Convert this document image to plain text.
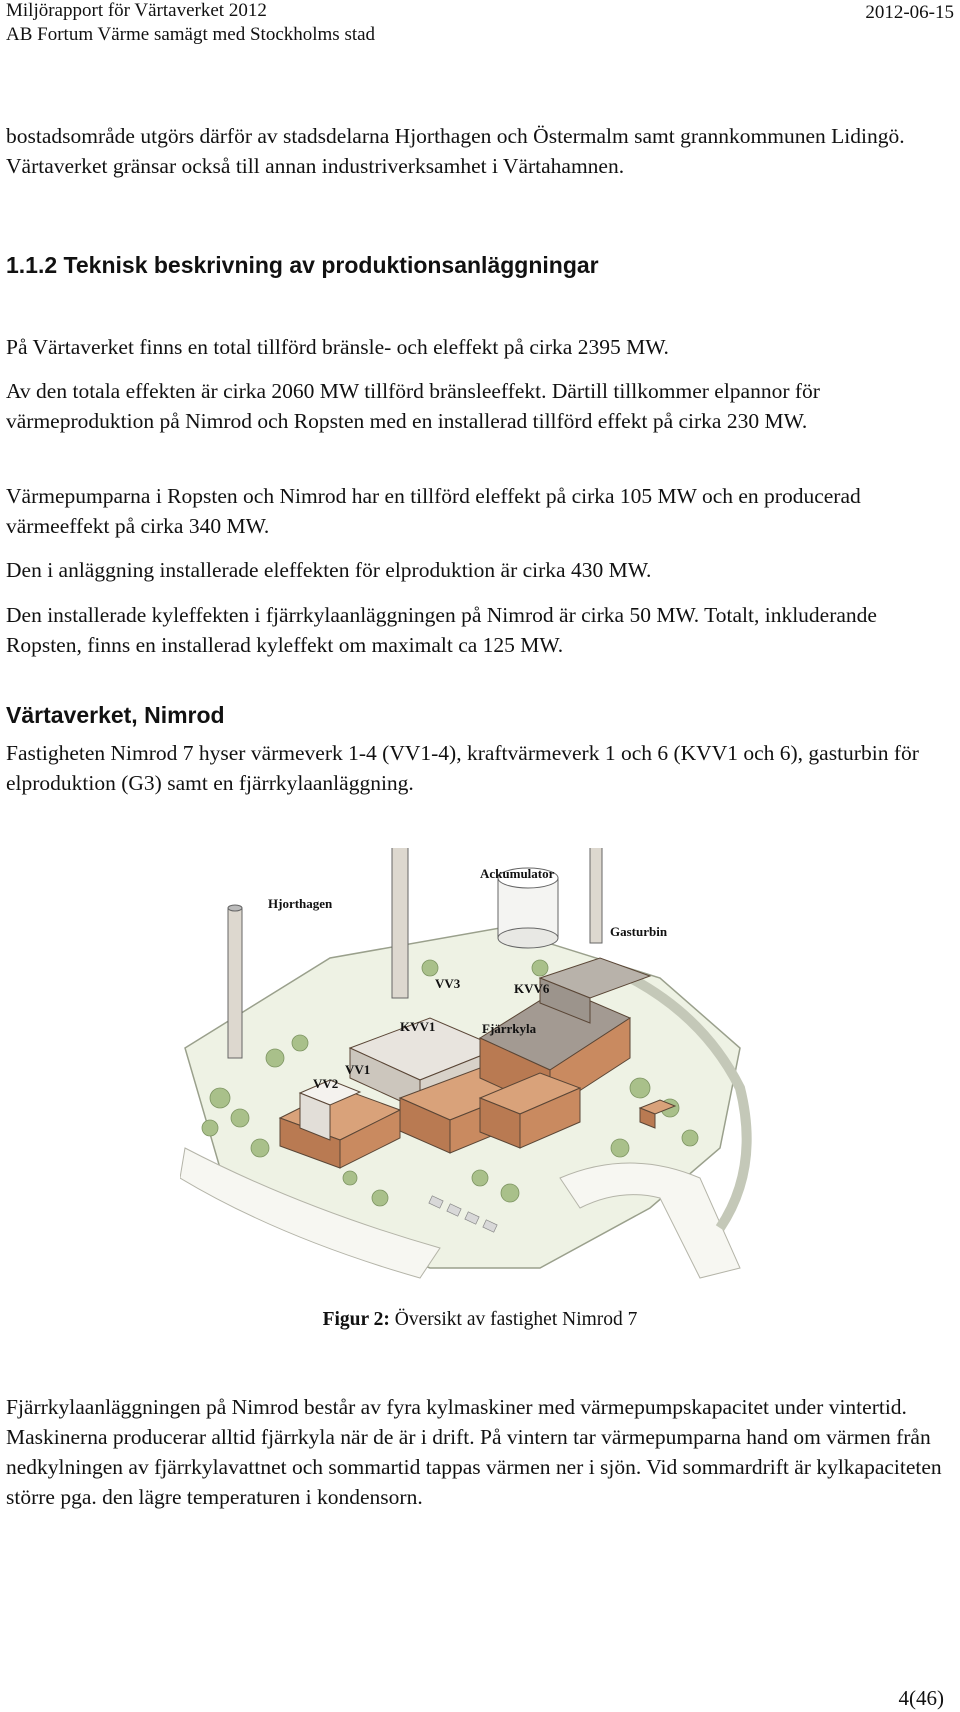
Miljörapport för Värtaverket 2012
AB Fortum Värme samägt med Stockholms stad
2012-06-15

bostadsområde utgörs därför av stadsdelarna Hjorthagen och Östermalm samt grannkommunen Lidingö. Värtaverket gränsar också till annan industriverksamhet i Värtahamnen.

1.1.2 Teknisk beskrivning av produktionsanläggningar

På Värtaverket finns en total tillförd bränsle- och eleffekt på cirka 2395 MW.

Av den totala effekten är cirka 2060 MW tillförd bränsleeffekt. Därtill tillkommer elpannor för värmeproduktion på Nimrod och Ropsten med en installerad tillförd effekt på cirka 230 MW.

Värmepumparna i Ropsten och Nimrod har en tillförd eleffekt på cirka 105 MW och en producerad värmeeffekt på cirka 340 MW.

Den i anläggning installerade eleffekten för elproduktion är cirka 430 MW.

Den installerade kyleffekten i fjärrkylaanläggningen på Nimrod är cirka 50 MW. Totalt, inkluderande Ropsten, finns en installerad kyleffekt om maximalt ca 125 MW.

Värtaverket, Nimrod

Fastigheten Nimrod 7 hyser värmeverk 1-4 (VV1-4), kraftvärmeverk 1 och 6 (KVV1 och 6), gasturbin för elproduktion (G3) samt en fjärrkylaanläggning.

Hjorthagen
Ackumulator
Gasturbin
VV3	KVV6
KVV1	Fjärrkyla
VV1
VV2
Figur 2: Översikt av fastighet Nimrod 7

Fjärrkylaanläggningen på Nimrod består av fyra kylmaskiner med värmepumpskapacitet under vintertid. Maskinerna producerar alltid fjärrkyla när de är i drift. På vintern tar värmepumparna hand om värmen från nedkylningen av fjärrkylavattnet och sommartid tappas värmen ner i sjön. Vid sommardrift är kylkapaciteten större pga. den lägre temperaturen i kondensorn.

4(46)
